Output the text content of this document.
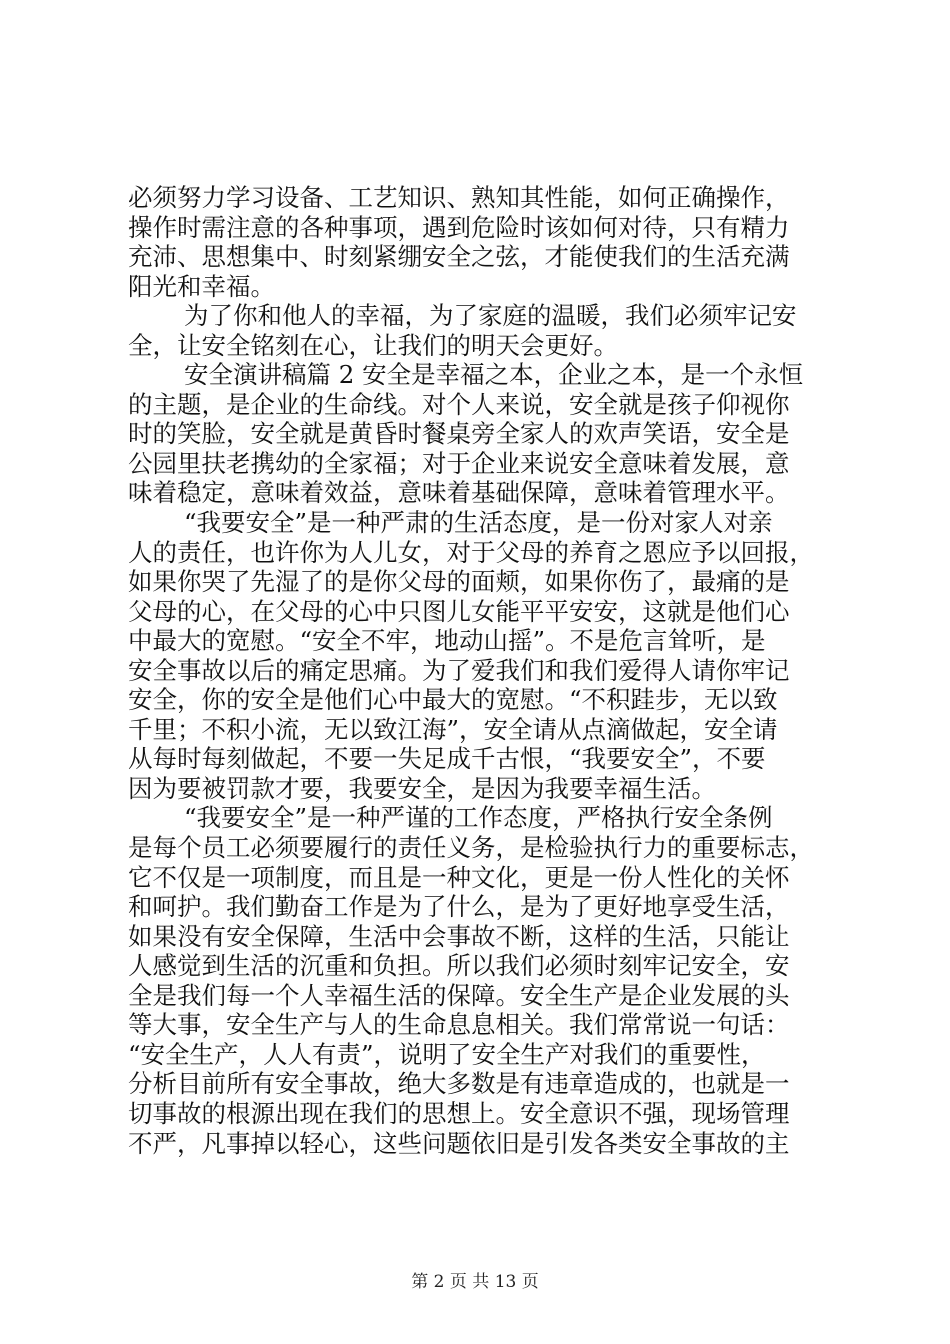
必须努力学习设备、工艺知识、熟知其性能，如何正确操作，
操作时需注意的各种事项，遇到危险时该如何对待，只有精力
充沛、思想集中、时刻紧绷安全之弦，才能使我们的生活充满
阳光和幸福。
为了你和他人的幸福，为了家庭的温暖，我们必须牢记安
全，让安全铭刻在心，让我们的明天会更好。
安全演讲稿篇 2 安全是幸福之本，企业之本，是一个永恒
的主题，是企业的生命线。对个人来说，安全就是孩子仰视你
时的笑脸，安全就是黄昏时餐桌旁全家人的欢声笑语，安全是
公园里扶老携幼的全家福；对于企业来说安全意味着发展，意
味着稳定，意味着效益，意味着基础保障，意味着管理水平。
“我要安全”是一种严肃的生活态度，是一份对家人对亲
人的责任，也许你为人儿女，对于父母的养育之恩应予以回报，
如果你哭了先湿了的是你父母的面颊，如果你伤了，最痛的是
父母的心，在父母的心中只图儿女能平平安安，这就是他们心
中最大的宽慰。“安全不牢，地动山摇”。不是危言耸听，是
安全事故以后的痛定思痛。为了爱我们和我们爱得人请你牢记
安全，你的安全是他们心中最大的宽慰。“不积跬步，无以致
千里；不积小流，无以致江海”，安全请从点滴做起，安全请
从每时每刻做起，不要一失足成千古恨，“我要安全”，不要
因为要被罚款才要，我要安全，是因为我要幸福生活。
“我要安全”是一种严谨的工作态度，严格执行安全条例
是每个员工必须要履行的责任义务，是检验执行力的重要标志，
它不仅是一项制度，而且是一种文化，更是一份人性化的关怀
和呵护。我们勤奋工作是为了什么，是为了更好地享受生活，
如果没有安全保障，生活中会事故不断，这样的生活，只能让
人感觉到生活的沉重和负担。所以我们必须时刻牢记安全，安
全是我们每一个人幸福生活的保障。安全生产是企业发展的头
等大事，安全生产与人的生命息息相关。我们常常说一句话：
“安全生产，人人有责”，说明了安全生产对我们的重要性，
分析目前所有安全事故，绝大多数是有违章造成的，也就是一
切事故的根源出现在我们的思想上。安全意识不强，现场管理
不严，凡事掉以轻心，这些问题依旧是引发各类安全事故的主
第 2 页 共 13 页
